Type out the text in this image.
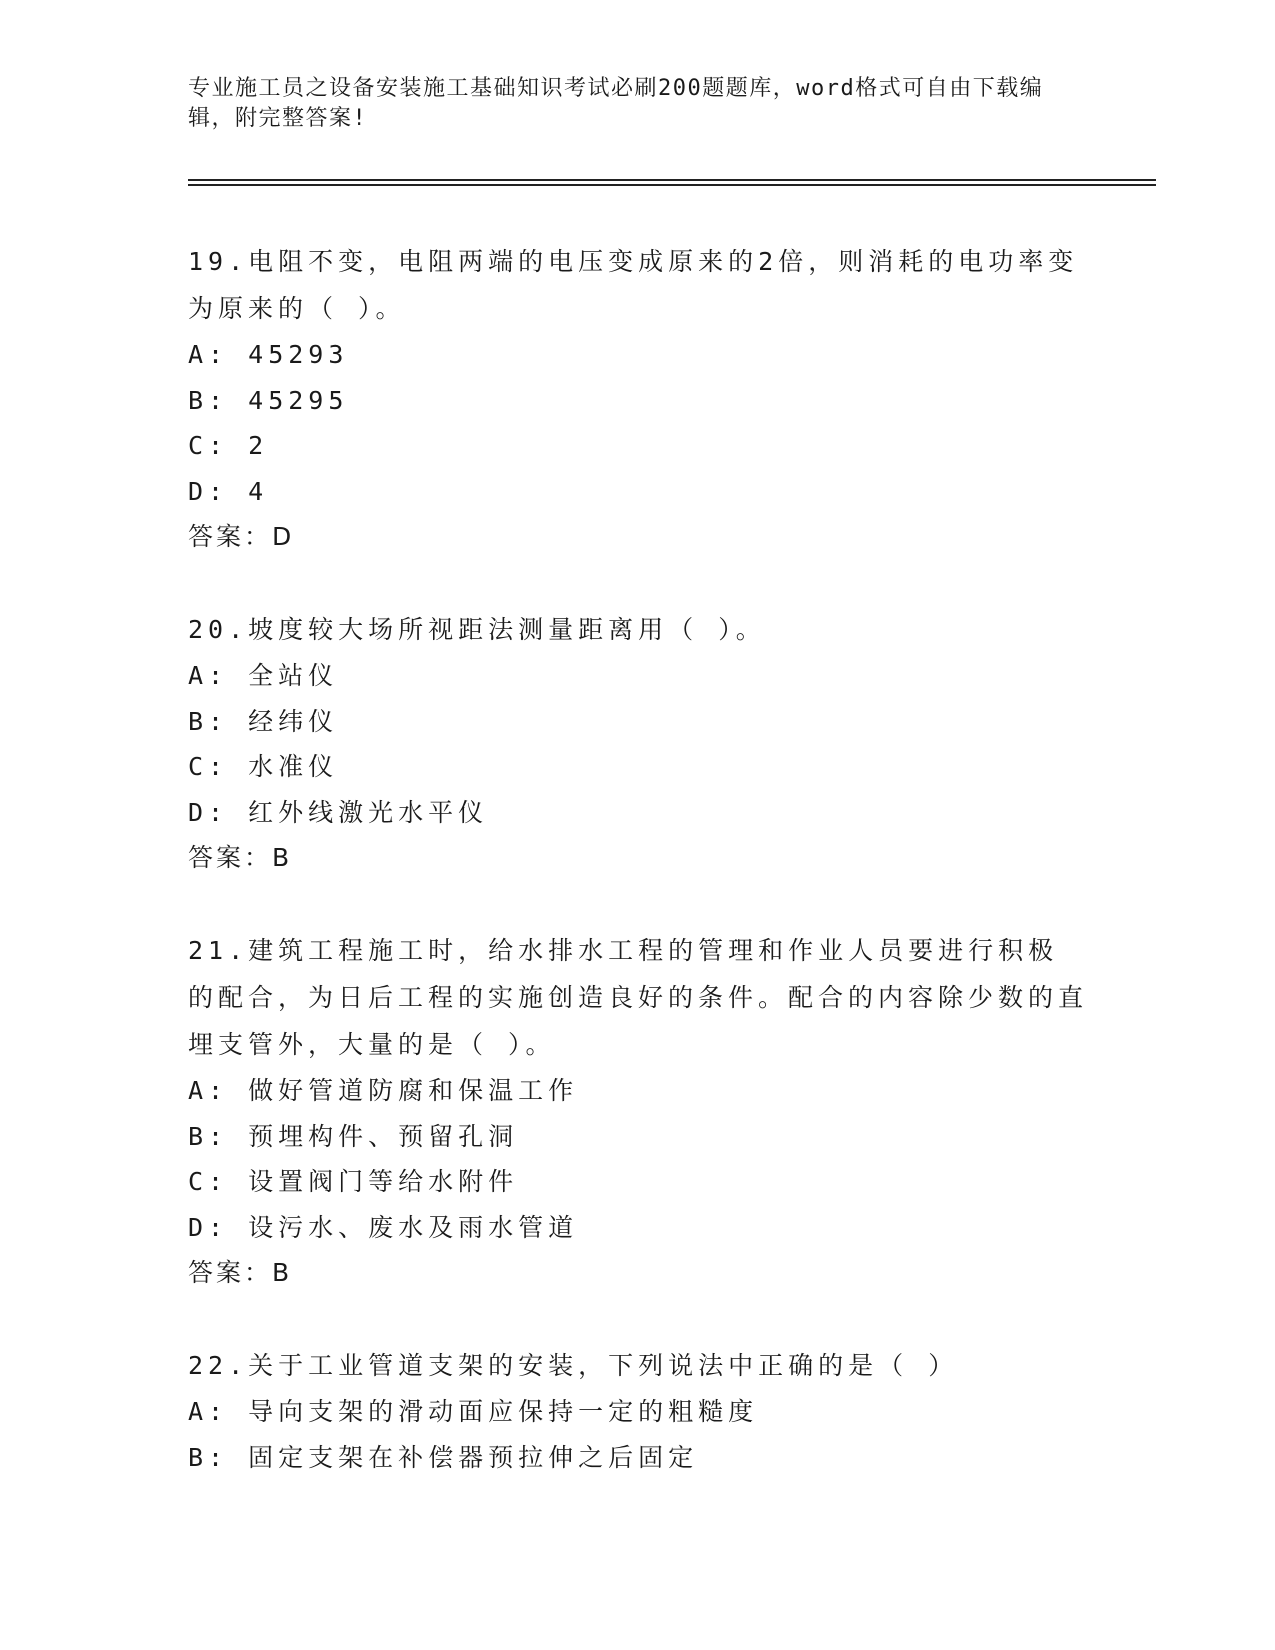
专业施工员之设备安装施工基础知识考试必刷200题题库，word格式可自由下载编辑，附完整答案!

19.电阻不变，电阻两端的电压变成原来的2倍，则消耗的电功率变为原来的（ ）。

A: 45293

B: 45295

C: 2

D: 4

答案：D

20.坡度较大场所视距法测量距离用（ ）。

A: 全站仪

B: 经纬仪

C: 水准仪

D: 红外线激光水平仪

答案：B

21.建筑工程施工时，给水排水工程的管理和作业人员要进行积极的配合，为日后工程的实施创造良好的条件。配合的内容除少数的直埋支管外，大量的是（ ）。

A: 做好管道防腐和保温工作

B: 预埋构件、预留孔洞

C: 设置阀门等给水附件

D: 设污水、废水及雨水管道

答案：B

22.关于工业管道支架的安装，下列说法中正确的是（ ）

A: 导向支架的滑动面应保持一定的粗糙度

B: 固定支架在补偿器预拉伸之后固定
